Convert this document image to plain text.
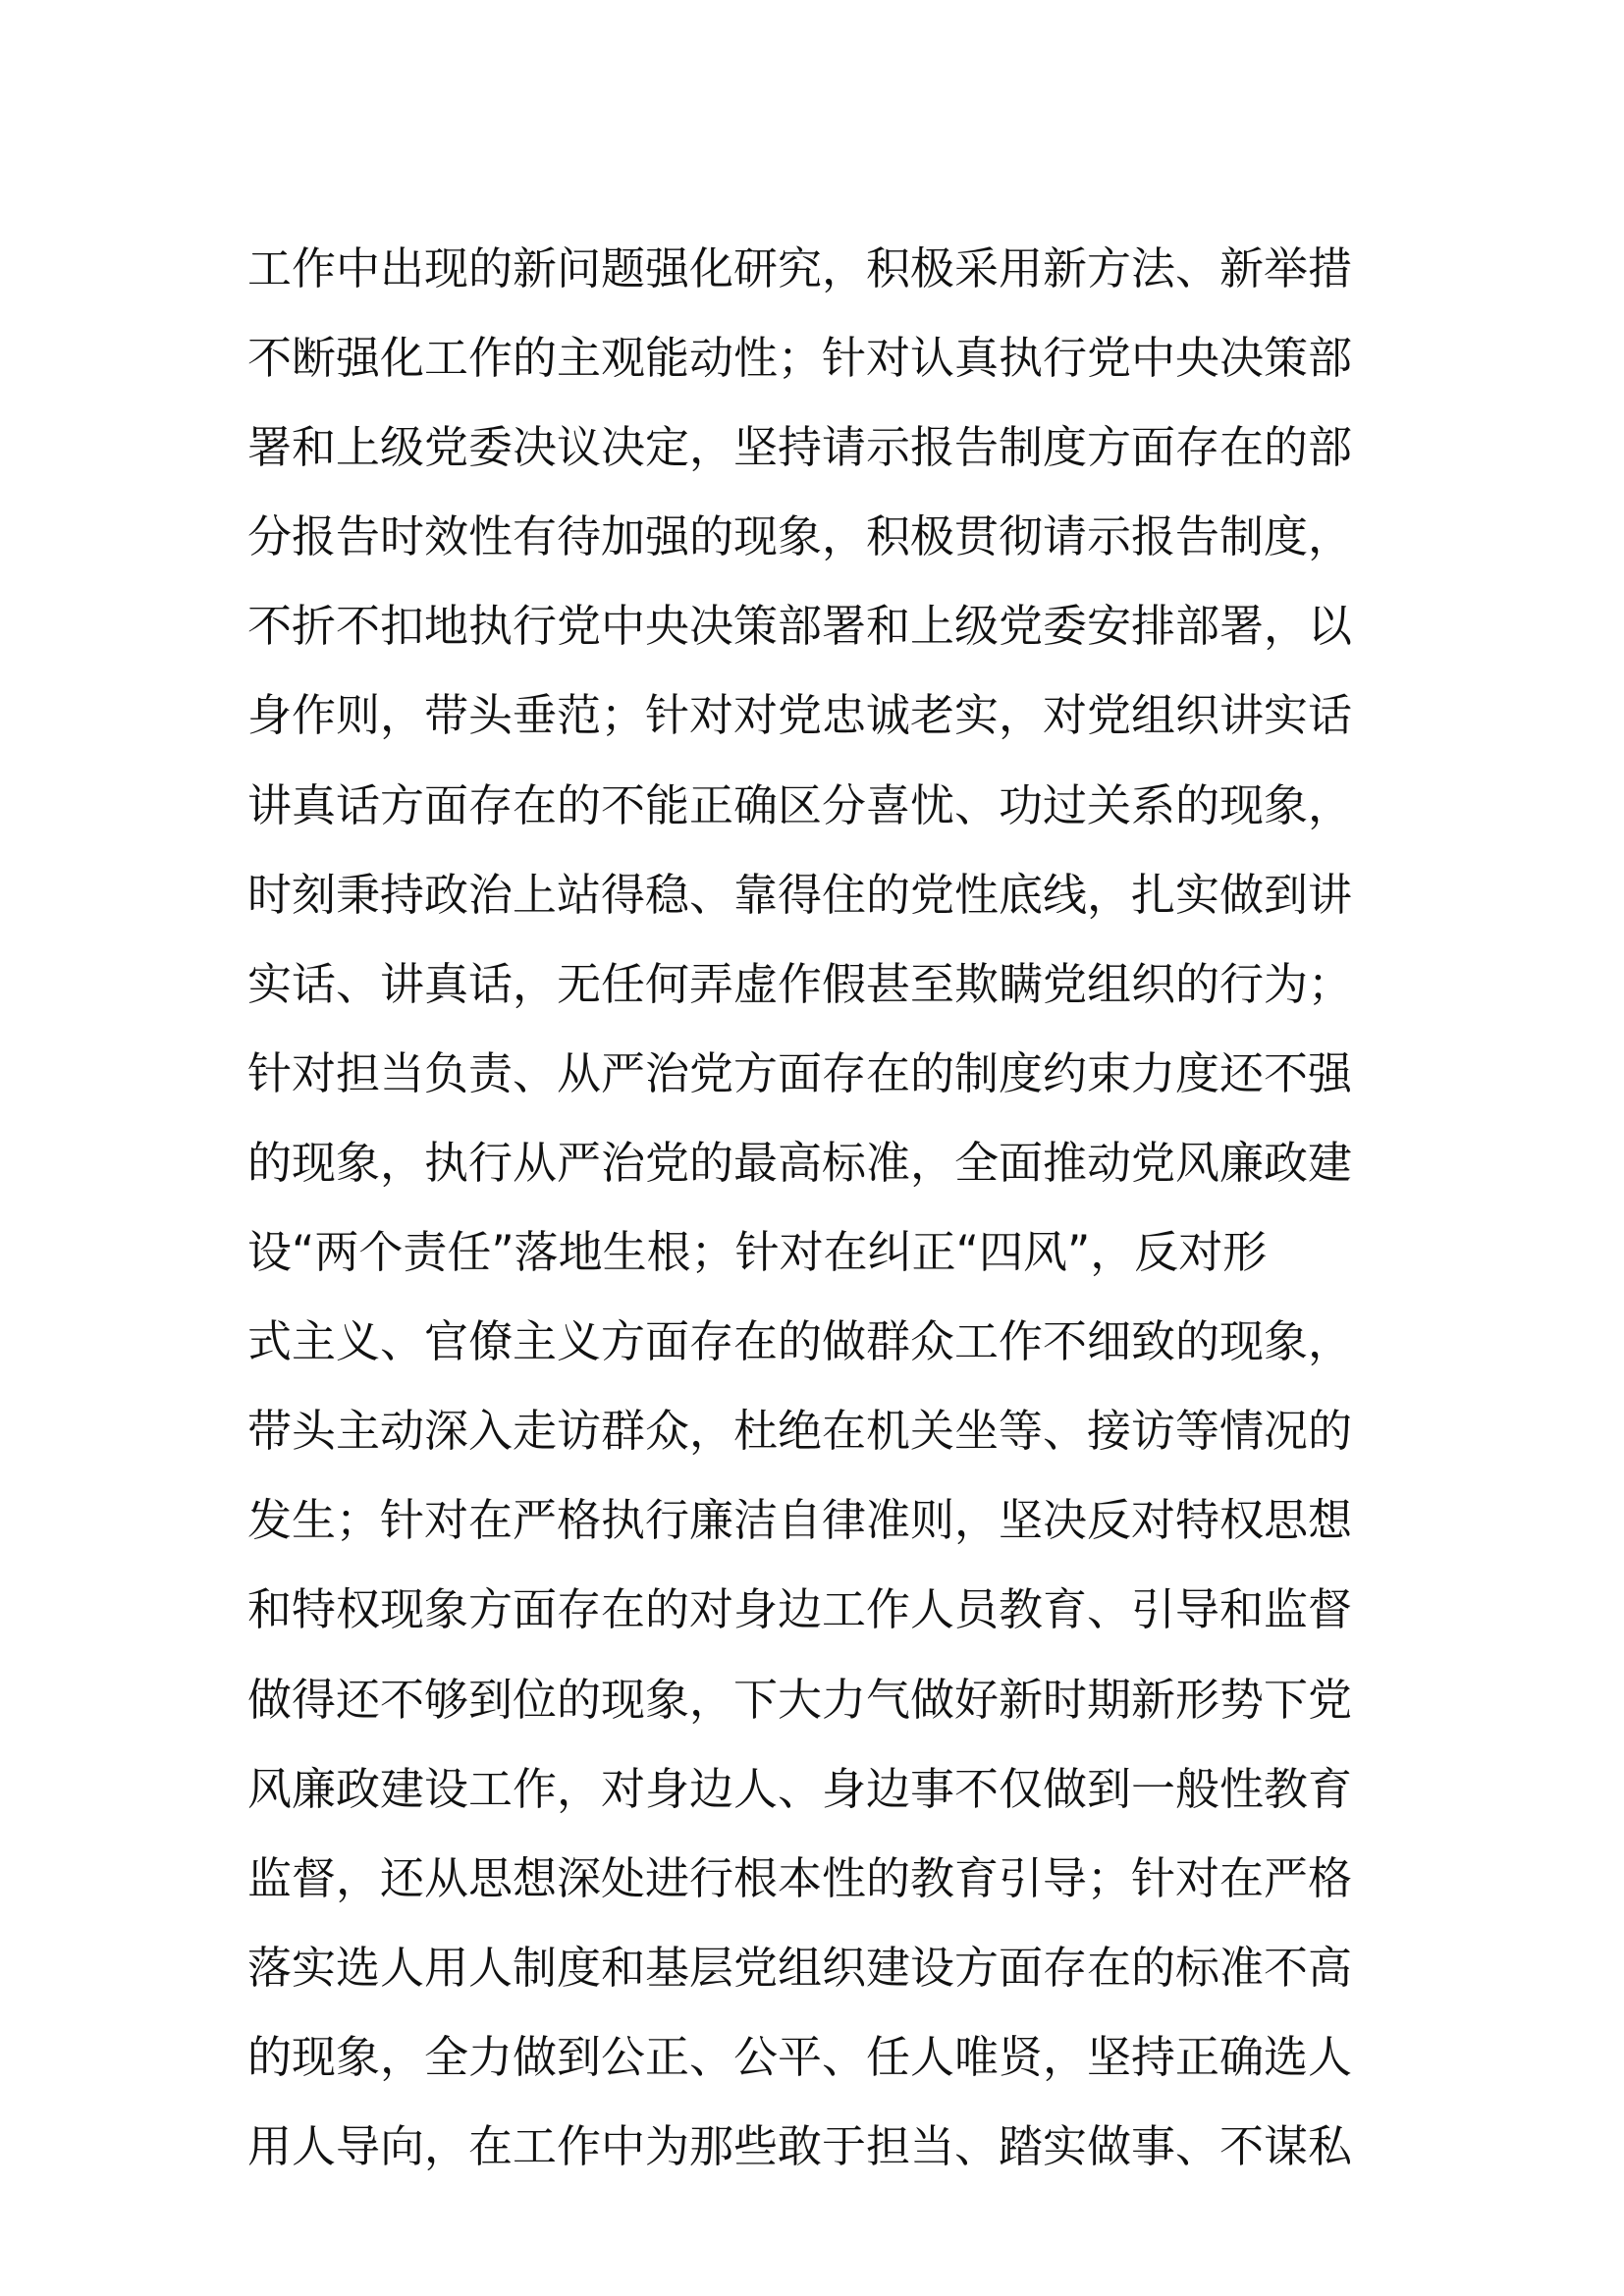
工作中出现的新问题强化研究，积极采用新方法、新举措
不断强化工作的主观能动性；针对认真执行党中央决策部
署和上级党委决议决定，坚持请示报告制度方面存在的部
分报告时效性有待加强的现象，积极贯彻请示报告制度，
不折不扣地执行党中央决策部署和上级党委安排部署，以
身作则，带头垂范；针对对党忠诚老实，对党组织讲实话
讲真话方面存在的不能正确区分喜忧、功过关系的现象，
时刻秉持政治上站得稳、靠得住的党性底线，扎实做到讲
实话、讲真话，无任何弄虚作假甚至欺瞒党组织的行为；
针对担当负责、从严治党方面存在的制度约束力度还不强
的现象，执行从严治党的最高标准，全面推动党风廉政建
设“两个责任”落地生根；针对在纠正“四风”，反对形
式主义、官僚主义方面存在的做群众工作不细致的现象，
带头主动深入走访群众，杜绝在机关坐等、接访等情况的
发生；针对在严格执行廉洁自律准则，坚决反对特权思想
和特权现象方面存在的对身边工作人员教育、引导和监督
做得还不够到位的现象，下大力气做好新时期新形势下党
风廉政建设工作，对身边人、身边事不仅做到一般性教育
监督，还从思想深处进行根本性的教育引导；针对在严格
落实选人用人制度和基层党组织建设方面存在的标准不高
的现象，全力做到公正、公平、任人唯贤，坚持正确选人
用人导向，在工作中为那些敢于担当、踏实做事、不谋私
